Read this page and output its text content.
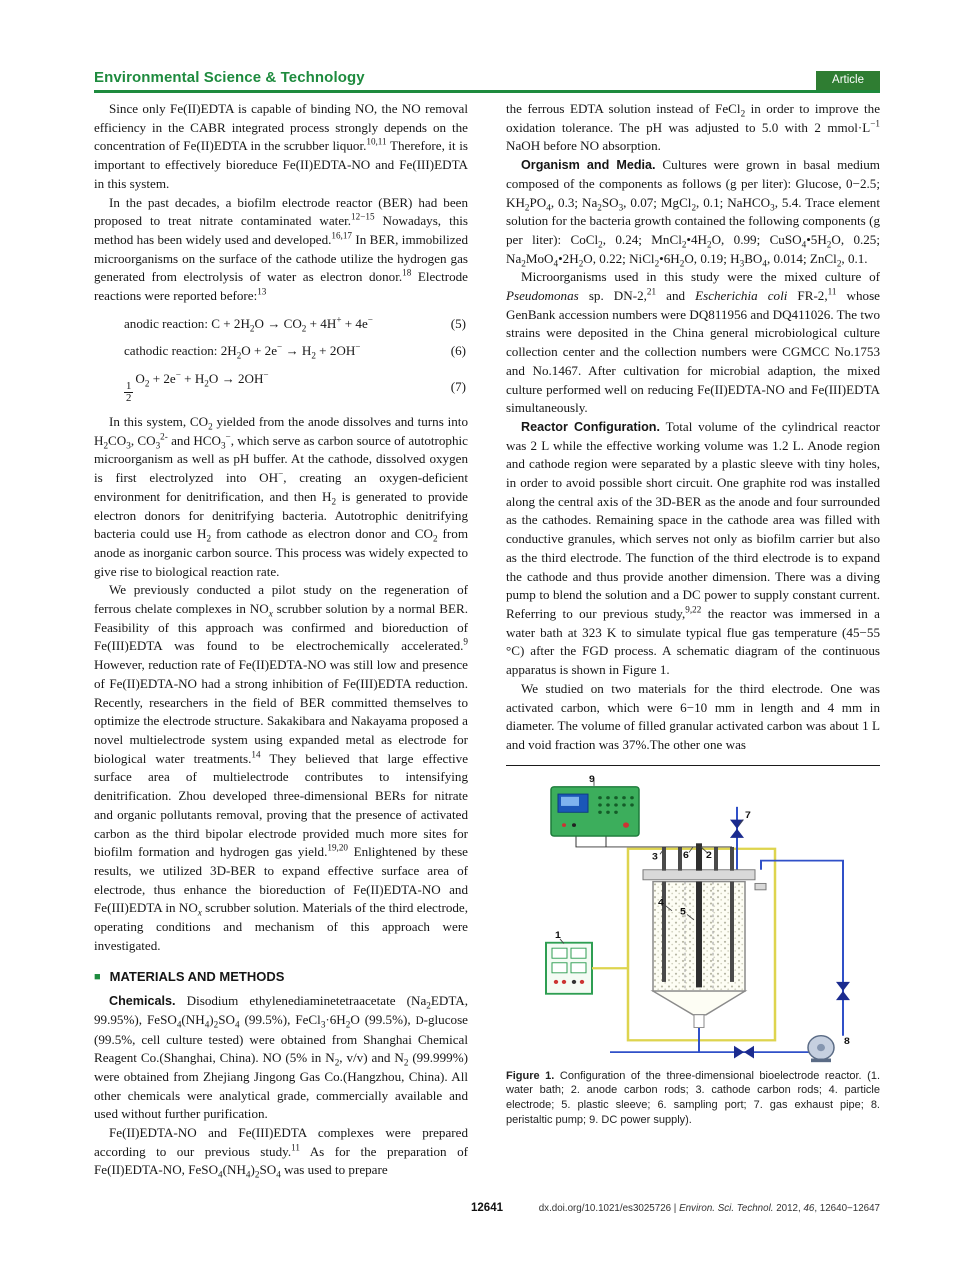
Environmental Science & Technology	Article

Since only Fe(II)EDTA is capable of binding NO, the NO removal efficiency in the CABR integrated process strongly depends on the concentration of Fe(II)EDTA in the scrubber liquor.$^{10,11}$ Therefore, it is important to effectively bioreduce Fe(II)EDTA-NO and Fe(III)EDTA in this system.

In the past decades, a biofilm electrode reactor (BER) had been proposed to treat nitrate contaminated water.$^{12-15}$ Nowadays, this method has been widely used and developed.$^{16,17}$ In BER, immobilized microorganisms on the surface of the cathode utilize the hydrogen gas generated from electrolysis of water as electron donor.$^{18}$ Electrode reactions were reported before:$^{13}$

anodic reaction: $C + 2H_2O \to CO_2 + 4H^+ + 4e^-$	(5)
cathodic reaction: $2H_2O + 2e^- \to H_2 + 2OH^-$	(6)
$\frac{1}{2}$
$O_2 + 2e^- + H_2O \to 2OH^-$
(7)

In this system, $CO_2$ yielded from the anode dissolves and turns into $H_2CO_3$, $CO_3^{2-}$ and $HCO_3^-$, which serve as carbon source of autotrophic microorganism as well as pH buffer. At the cathode, dissolved oxygen is first electrolyzed into OH−, creating an oxygen-deficient environment for denitrification, and then $H_2$ is generated to provide electron donors for denitrifying bacteria. Autotrophic denitrifying bacteria could use $H_2$ from cathode as electron donor and $CO_2$ from anode as inorganic carbon source. This process was widely expected to give rise to biological reaction rate.

We previously conducted a pilot study on the regeneration of ferrous chelate complexes in $NO_x$ scrubber solution by a normal BER. Feasibility of this approach was confirmed and bioreduction of Fe(III)EDTA was found to be electrochemically accelerated.$^9$ However, reduction rate of Fe(II)EDTA-NO was still low and presence of Fe(II)EDTA-NO had a strong inhibition of Fe(III)EDTA reduction. Recently, researchers in the field of BER committed themselves to optimize the electrode structure. Sakakibara and Nakayama proposed a novel multielectrode system using expanded metal as electrode for biological water treatments.$^{14}$ They believed that large effective surface area of multielectrode contributes to intensifying denitrification. Zhou developed three-dimensional BERs for nitrate and organic pollutants removal, proving that the presence of activated carbon as the third bipolar electrode provided much more sites for biofilm formation and hydrogen gas yield.$^{19,20}$ Enlightened by these results, we utilized 3D-BER to expand effective surface area of electrode, thus enhance the bioreduction of Fe(II)EDTA-NO and Fe(III)EDTA in $NO_x$ scrubber solution. Materials of the third electrode, operating conditions and mechanism of this approach were investigated.

■ MATERIALS AND METHODS

Chemicals. Disodium ethylenediaminetetraacetate ($Na_2EDTA$, 99.95%), $FeSO_4(NH_4)_2SO_4$ (99.5%), $FeCl_3\cdot 6H_2O$ (99.5%), D-glucose (99.5%, cell culture tested) were obtained from Shanghai Chemical Reagent Co.(Shanghai, China). NO (5% in $N_2$, v/v) and $N_2$ (99.999%) were obtained from Zhejiang Jingong Gas Co.(Hangzhou, China). All other chemicals were analytical grade, commercially available and used without further purification.

Fe(II)EDTA-NO and Fe(III)EDTA complexes were prepared according to our previous study.$^{11}$ As for the preparation of Fe(II)EDTA-NO, $FeSO_4(NH_4)_2SO_4$ was used to prepare

the ferrous EDTA solution instead of FeCl$_2$ in order to improve the oxidation tolerance. The pH was adjusted to 5.0 with 2 $mmol\cdot L^{-1}$ NaOH before NO absorption.

Organism and Media. Cultures were grown in basal medium composed of the components as follows (g per liter): Glucose, 0−2.5; $KH_2PO_4$, 0.3; $Na_2SO_3$, 0.07; MgCl$_2$, 0.1; NaHCO$_3$, 5.4. Trace element solution for the bacteria growth contained the following components (g per liter): CoCl$_2$, 0.24; $MnCl_2•4H_2O$, 0.99; $CuSO_4•5H_2O$, 0.25; $Na_2MoO_4•2H_2O$, 0.22; $NiCl_2•6H_2O$, 0.19; $H_3BO_4$, 0.014; ZnCl$_2$, 0.1.

Microorganisms used in this study were the mixed culture of Pseudomonas sp. DN-2,21 and Escherichia coli FR-2,11 whose GenBank accession numbers were DQ811956 and DQ411026. The two strains were deposited in the China general microbiological culture collection center and the collection numbers were CGMCC No.1753 and No.1467. After cultivation for microbial adaption, the mixed culture performed well on reducing Fe(II)EDTA-NO and Fe(III)EDTA simultaneously.

Reactor Configuration. Total volume of the cylindrical reactor was 2 L while the effective working volume was 1.2 L. Anode region and cathode region were separated by a plastic sleeve with tiny holes, in order to avoid possible short circuit. One graphite rod was installed along the central axis of the 3D-BER as the anode and four surrounded as the cathodes. Remaining space in the cathode area was filled with conductive granules, which serves not only as biofilm carrier but also as the third electrode. The function of the third electrode is to expand the cathode and thus provide another dimension. There was a diving pump to blend the solution and a DC power to supply constant current. Referring to our previous study,$^{9,22}$ the reactor was immersed in a water bath at 323 K to simulate typical flue gas temperature (45−55 °C) after the FGD process. A schematic diagram of the continuous apparatus is shown in Figure 1.

We studied on two materials for the third electrode. One was activated carbon, which were 6−10 mm in length and 4 mm in diameter. The volume of filled granular activated carbon was about 1 L and void fraction was 37%.The other one was

9
7
3 6 2
4
5
1
8
Figure 1. Configuration of the three-dimensional bioelectrode reactor. (1. water bath; 2. anode carbon rods; 3. cathode carbon rods; 4. particle electrode; 5. plastic sleeve; 6. sampling port; 7. gas exhaust pipe; 8. peristaltic pump; 9. DC power supply).
12641	dx.doi.org/10.1021/es3025726 | Environ. Sci. Technol. 2012, 46, 12640−12647
